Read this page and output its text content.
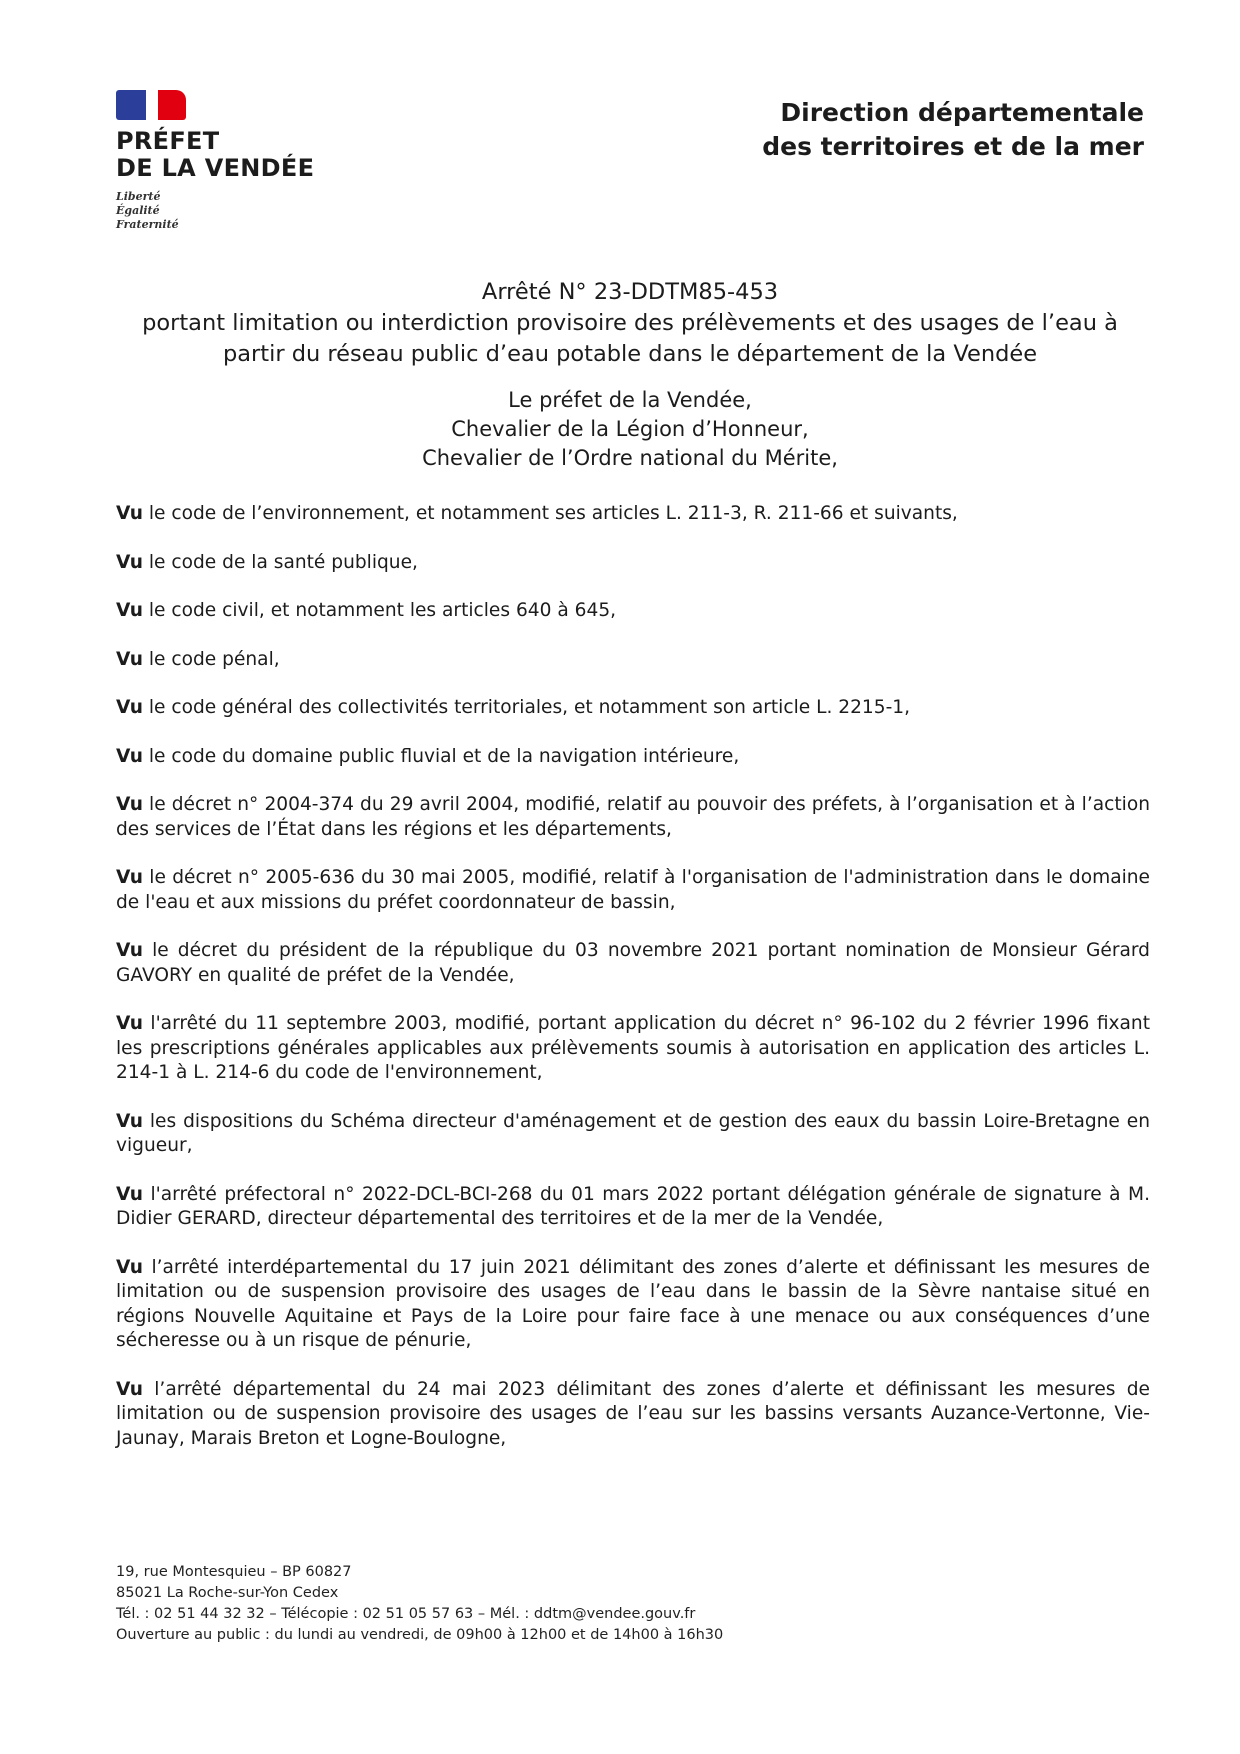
PRÉFET
DE LA VENDÉE
Liberté
Égalité
Fraternité
Direction départementale
des territoires et de la mer
Arrêté N° 23-DDTM85-453
portant limitation ou interdiction provisoire des prélèvements et des usages de l’eau à
partir du réseau public d’eau potable dans le département de la Vendée
Le préfet de la Vendée,
Chevalier de la Légion d’Honneur,
Chevalier de l’Ordre national du Mérite,

Vu le code de l’environnement, et notamment ses articles L. 211-3, R. 211-66 et suivants,

Vu le code de la santé publique,

Vu le code civil, et notamment les articles 640 à 645,

Vu le code pénal,

Vu le code général des collectivités territoriales, et notamment son article L. 2215-1,

Vu le code du domaine public fluvial et de la navigation intérieure,

Vu le décret n° 2004-374 du 29 avril 2004, modifié, relatif au pouvoir des préfets, à l’organisation et à l’action des services de l’État dans les régions et les départements,

Vu le décret n° 2005-636 du 30 mai 2005, modifié, relatif à l'organisation de l'administration dans le domaine de l'eau et aux missions du préfet coordonnateur de bassin,

Vu le décret du président de la république du 03 novembre 2021 portant nomination de Monsieur Gérard GAVORY en qualité de préfet de la Vendée,

Vu l'arrêté du 11 septembre 2003, modifié, portant application du décret n° 96-102 du 2 février 1996 fixant les prescriptions générales applicables aux prélèvements soumis à autorisation en application des articles L. 214-1 à L. 214-6 du code de l'environnement,

Vu les dispositions du Schéma directeur d'aménagement et de gestion des eaux du bassin Loire-Bretagne en vigueur,

Vu l'arrêté préfectoral n° 2022-DCL-BCI-268 du 01 mars 2022 portant délégation générale de signature à M. Didier GERARD, directeur départemental des territoires et de la mer de la Vendée,

Vu l’arrêté interdépartemental du 17 juin 2021 délimitant des zones d’alerte et définissant les mesures de limitation ou de suspension provisoire des usages de l’eau dans le bassin de la Sèvre nantaise situé en régions Nouvelle Aquitaine et Pays de la Loire pour faire face à une menace ou aux conséquences d’une sécheresse ou à un risque de pénurie,

Vu l’arrêté départemental du 24 mai 2023 délimitant des zones d’alerte et définissant les mesures de limitation ou de suspension provisoire des usages de l’eau sur les bassins versants Auzance-Vertonne, Vie-Jaunay, Marais Breton et Logne-Boulogne,

19, rue Montesquieu – BP 60827
85021 La Roche-sur-Yon Cedex
Tél. : 02 51 44 32 32 – Télécopie : 02 51 05 57 63 – Mél. : ddtm@vendee.gouv.fr
Ouverture au public : du lundi au vendredi, de 09h00 à 12h00 et de 14h00 à 16h30
